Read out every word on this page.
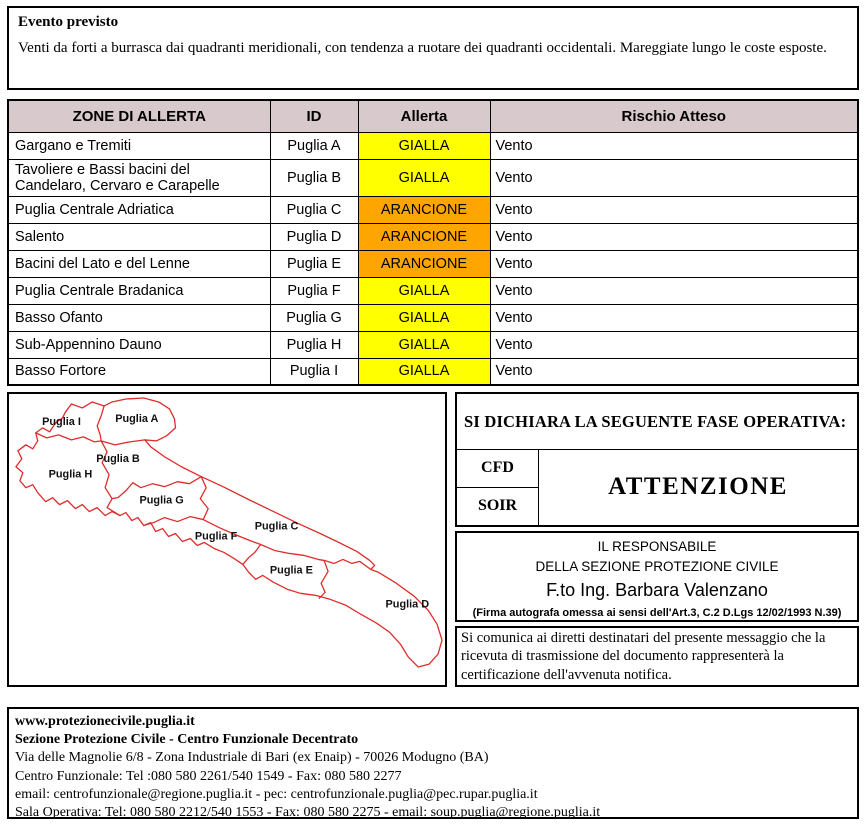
Evento previsto
Venti da forti a burrasca dai quadranti meridionali, con tendenza a ruotare dei quadranti occidentali. Mareggiate lungo le coste esposte.
ZONE DI ALLERTA	ID	Allerta	Rischio Atteso
Gargano e Tremiti	Puglia A	GIALLA	Vento
Tavoliere e Bassi bacini del Candelaro, Cervaro e Carapelle	Puglia B	GIALLA	Vento
Puglia Centrale Adriatica	Puglia C	ARANCIONE	Vento
Salento	Puglia D	ARANCIONE	Vento
Bacini del Lato e del Lenne	Puglia E	ARANCIONE	Vento
Puglia Centrale Bradanica	Puglia F	GIALLA	Vento
Basso Ofanto	Puglia G	GIALLA	Vento
Sub-Appennino Dauno	Puglia H	GIALLA	Vento
Basso Fortore	Puglia I	GIALLA	Vento
Puglia I	Puglia A
Puglia B
Puglia H
Puglia G
Puglia F
Puglia C
Puglia E
Puglia D
SI DICHIARA LA SEGUENTE FASE OPERATIVA:
CFD
SOIR
ATTENZIONE
IL RESPONSABILE
DELLA SEZIONE PROTEZIONE CIVILE
F.to Ing. Barbara Valenzano
(Firma autografa omessa ai sensi dell'Art.3, C.2 D.Lgs 12/02/1993 N.39)
Si comunica ai diretti destinatari del presente messaggio che la ricevuta di trasmissione del documento rappresenterà la certificazione dell'avvenuta notifica.
www.protezionecivile.puglia.it
Sezione Protezione Civile - Centro Funzionale Decentrato
Via delle Magnolie 6/8 - Zona Industriale di Bari (ex Enaip) - 70026 Modugno (BA)
Centro Funzionale: Tel :080 580 2261/540 1549 - Fax: 080 580 2277
email: centrofunzionale@regione.puglia.it - pec: centrofunzionale.puglia@pec.rupar.puglia.it
Sala Operativa: Tel: 080 580 2212/540 1553 - Fax: 080 580 2275 - email: soup.puglia@regione.puglia.it
